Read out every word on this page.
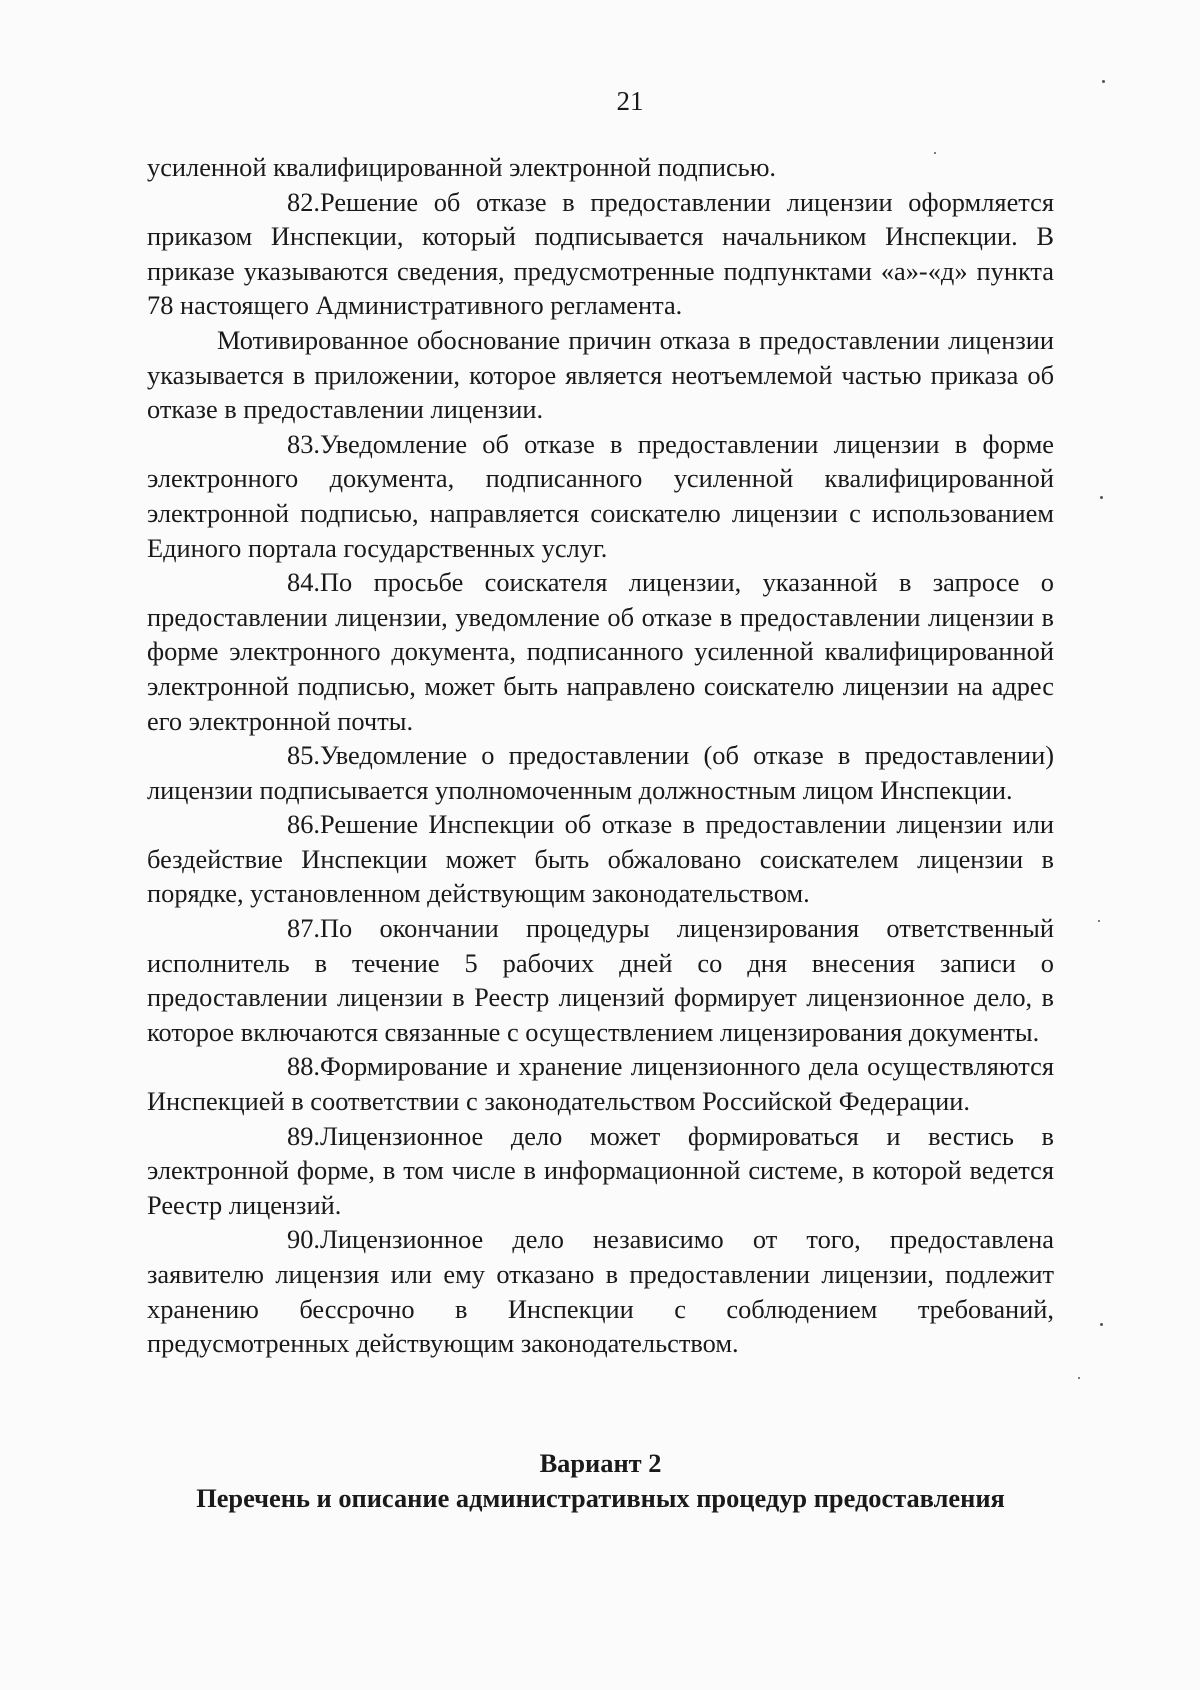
21

усиленной квалифицированной электронной подписью.

82.Решение об отказе в предоставлении лицензии оформляется приказом Инспекции, который подписывается начальником Инспекции. В приказе указываются сведения, предусмотренные подпунктами «а»-«д» пункта 78 настоящего Административного регламента.

Мотивированное обоснование причин отказа в предоставлении лицензии указывается в приложении, которое является неотъемлемой частью приказа об отказе в предоставлении лицензии.

83.Уведомление об отказе в предоставлении лицензии в форме электронного документа, подписанного усиленной квалифицированной электронной подписью, направляется соискателю лицензии с использованием Единого портала государственных услуг.

84.По просьбе соискателя лицензии, указанной в запросе о предоставлении лицензии, уведомление об отказе в предоставлении лицензии в форме электронного документа, подписанного усиленной квалифицированной электронной подписью, может быть направлено соискателю лицензии на адрес его электронной почты.

85.Уведомление о предоставлении (об отказе в предоставлении) лицензии подписывается уполномоченным должностным лицом Инспекции.

86.Решение Инспекции об отказе в предоставлении лицензии или бездействие Инспекции может быть обжаловано соискателем лицензии в порядке, установленном действующим законодательством.

87.По окончании процедуры лицензирования ответственный исполнитель в течение 5 рабочих дней со дня внесения записи о предоставлении лицензии в Реестр лицензий формирует лицензионное дело, в которое включаются связанные с осуществлением лицензирования документы.

88.Формирование и хранение лицензионного дела осуществляются Инспекцией в соответствии с законодательством Российской Федерации.

89.Лицензионное дело может формироваться и вестись в электронной форме, в том числе в информационной системе, в которой ведется Реестр лицензий.

90.Лицензионное дело независимо от того, предоставлена заявителю лицензия или ему отказано в предоставлении лицензии, подлежит хранению бессрочно в Инспекции с соблюдением требований, предусмотренных действующим законодательством.

Вариант 2
Перечень и описание административных процедур предоставления
